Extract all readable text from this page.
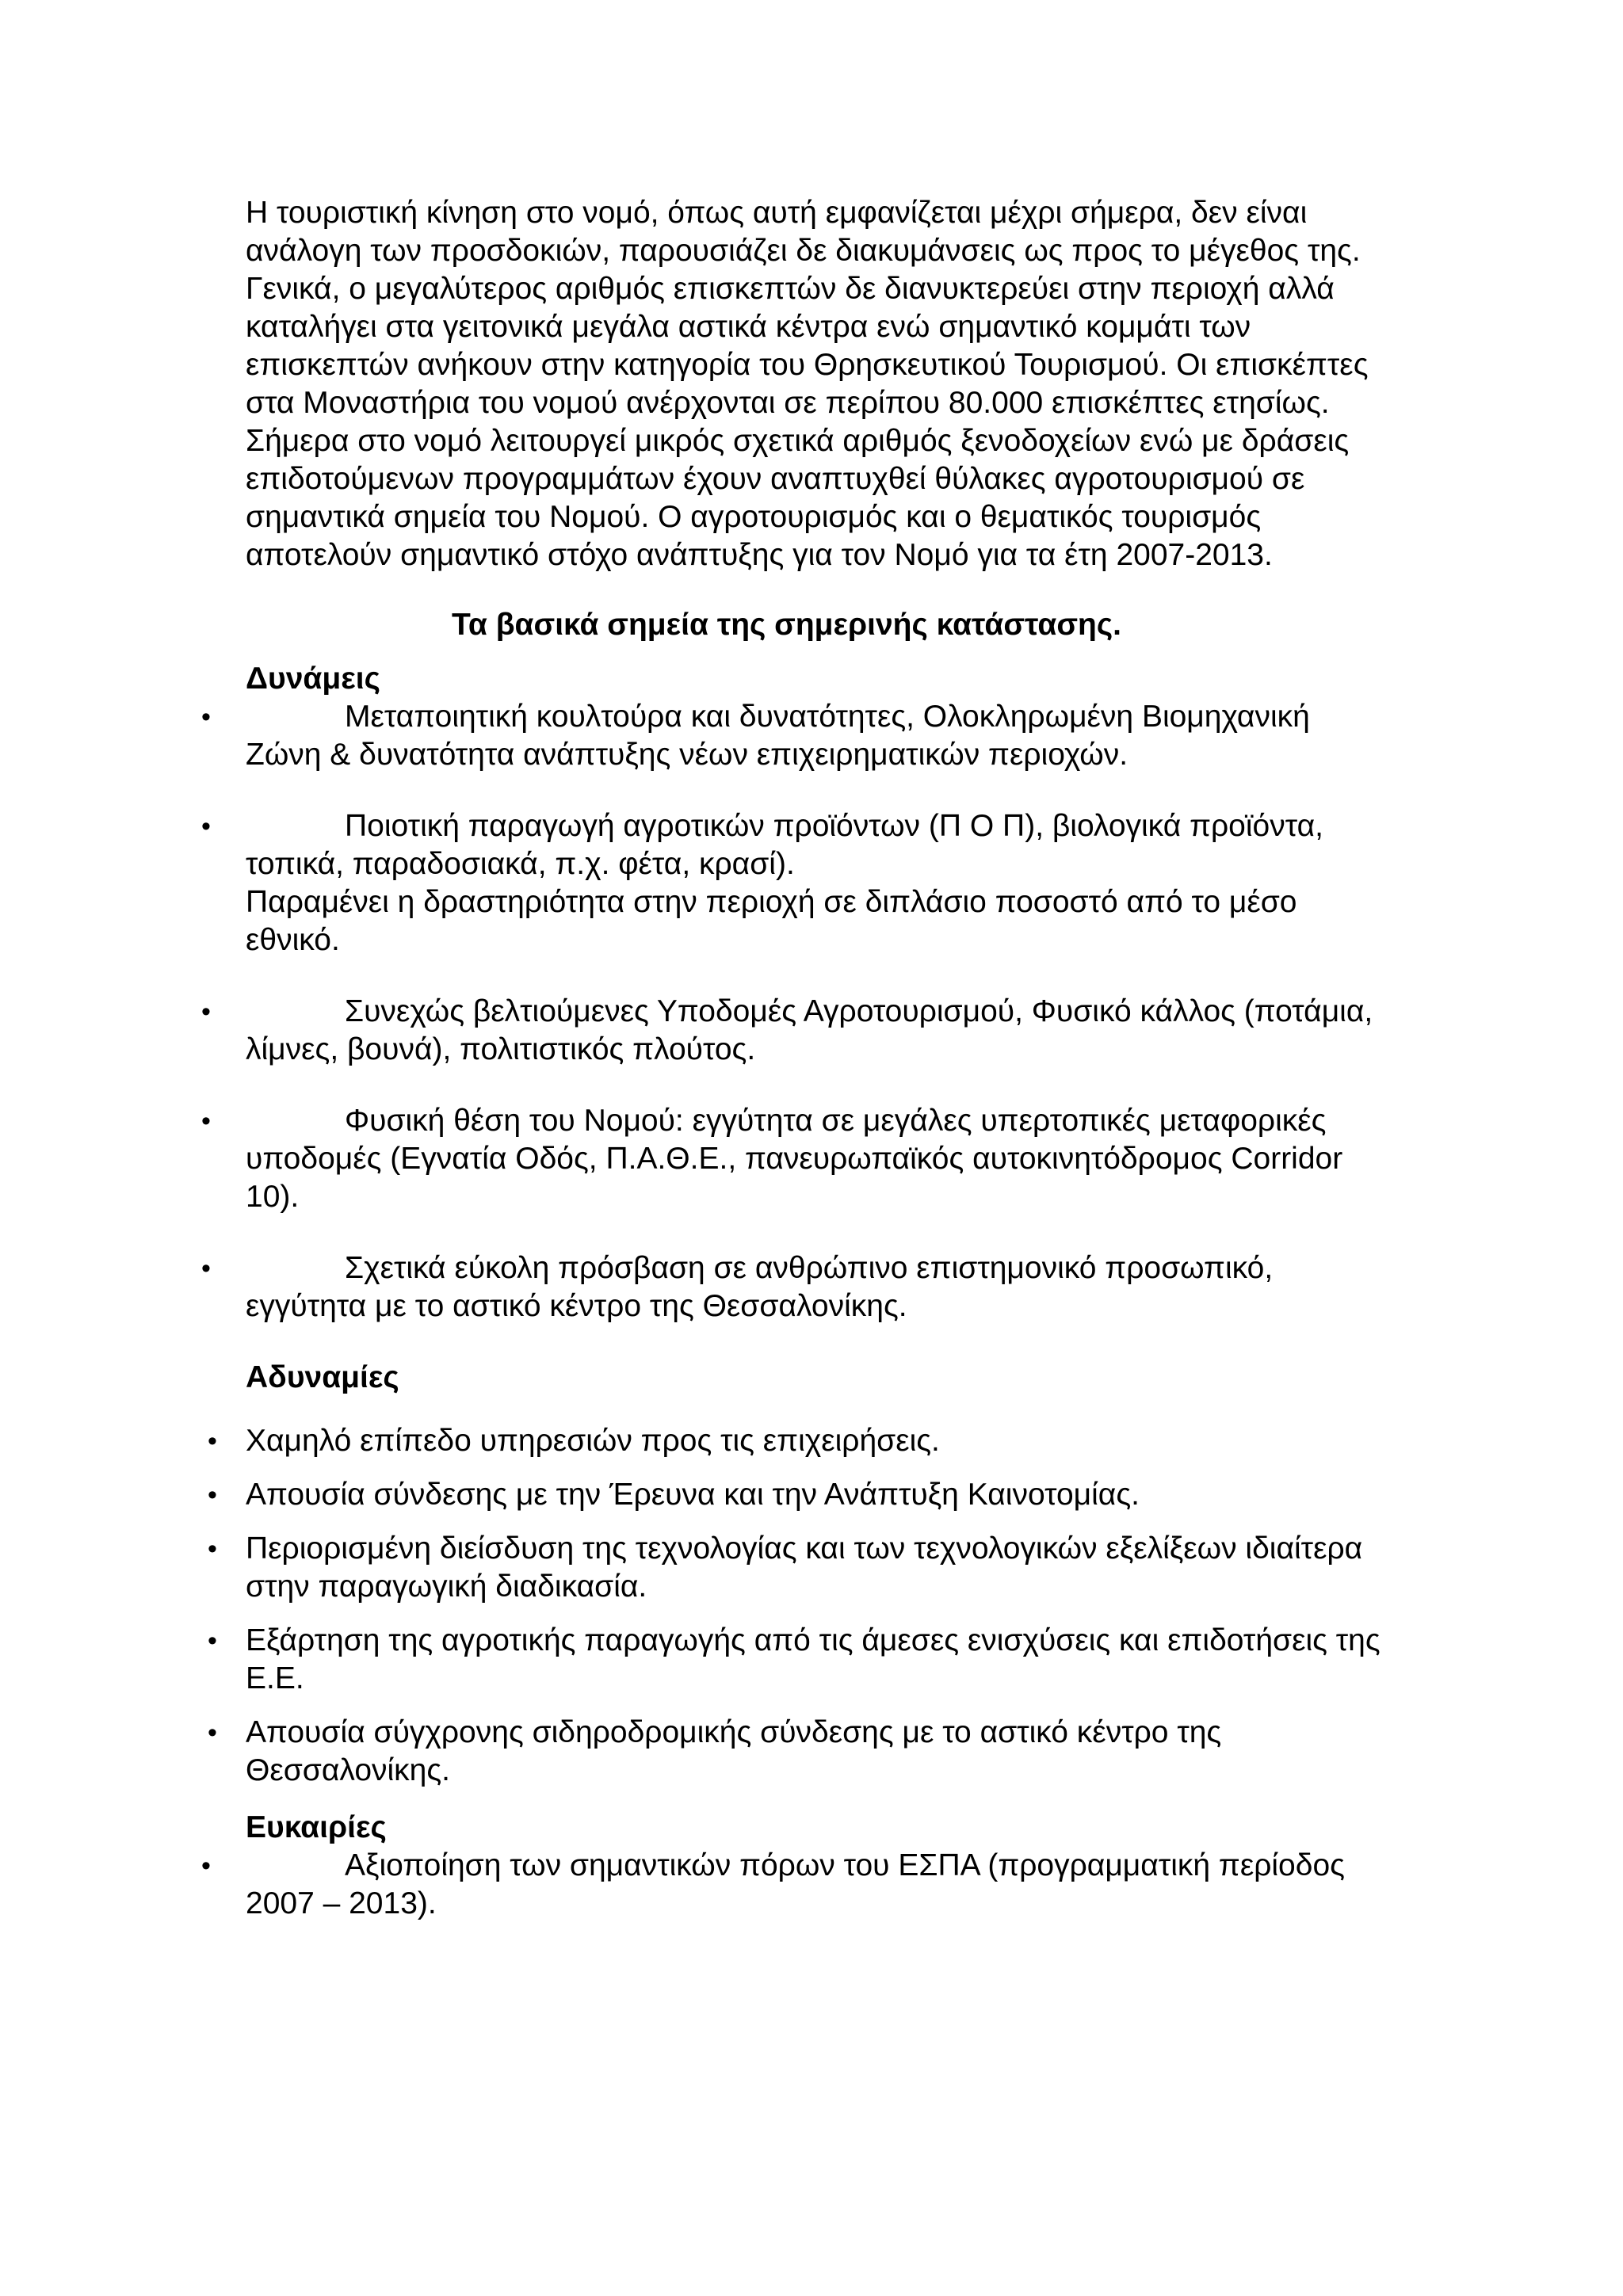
Η τουριστική κίνηση στο νομό, όπως αυτή εμφανίζεται μέχρι σήμερα, δεν είναι ανάλογη των προσδοκιών, παρουσιάζει δε διακυμάνσεις ως προς το μέγεθος της. Γενικά, ο μεγαλύτερος αριθμός επισκεπτών δε διανυκτερεύει στην περιοχή αλλά καταλήγει στα γειτονικά μεγάλα αστικά κέντρα ενώ σημαντικό κομμάτι των επισκεπτών ανήκουν στην κατηγορία του Θρησκευτικού Τουρισμού. Οι επισκέπτες στα Μοναστήρια του νομού ανέρχονται σε περίπου 80.000 επισκέπτες ετησίως.

Σήμερα στο νομό λειτουργεί μικρός σχετικά αριθμός ξενοδοχείων ενώ με δράσεις επιδοτούμενων προγραμμάτων έχουν αναπτυχθεί θύλακες αγροτουρισμού σε σημαντικά σημεία του Νομού. Ο αγροτουρισμός και ο θεματικός τουρισμός αποτελούν σημαντικό στόχο ανάπτυξης για τον Νομό για τα έτη 2007-2013.

Τα βασικά σημεία της σημερινής κατάστασης.

Δυνάμεις

•	Μεταποιητική κουλτούρα και δυνατότητες, Ολοκληρωμένη Βιομηχανική Ζώνη & δυνατότητα ανάπτυξης νέων επιχειρηματικών περιοχών.
•	Ποιοτική παραγωγή αγροτικών προϊόντων (Π Ο Π), βιολογικά προϊόντα, τοπικά, παραδοσιακά, π.χ. φέτα, κρασί).
Παραμένει η δραστηριότητα στην περιοχή σε διπλάσιο ποσοστό από το μέσο εθνικό.
•	Συνεχώς βελτιούμενες Υποδομές Αγροτουρισμού, Φυσικό κάλλος (ποτάμια, λίμνες, βουνά), πολιτιστικός πλούτος.
•	Φυσική θέση του Νομού: εγγύτητα σε μεγάλες υπερτοπικές μεταφορικές υποδομές (Εγνατία Οδός, Π.Α.Θ.Ε., πανευρωπαϊκός αυτοκινητόδρομος Corridor 10).
•	Σχετικά εύκολη πρόσβαση σε ανθρώπινο επιστημονικό προσωπικό, εγγύτητα με το αστικό κέντρο της Θεσσαλονίκης.

Αδυναμίες

• Χαμηλό επίπεδο υπηρεσιών προς τις επιχειρήσεις.
• Απουσία σύνδεσης με την Έρευνα και την Ανάπτυξη Καινοτομίας.
• Περιορισμένη διείσδυση της τεχνολογίας και των τεχνολογικών εξελίξεων ιδιαίτερα στην παραγωγική διαδικασία.
• Εξάρτηση της αγροτικής παραγωγής από τις άμεσες ενισχύσεις και επιδοτήσεις της Ε.Ε.
• Απουσία σύγχρονης σιδηροδρομικής σύνδεσης με το αστικό κέντρο της Θεσσαλονίκης.

Ευκαιρίες

•	Αξιοποίηση των σημαντικών πόρων του ΕΣΠΑ (προγραμματική περίοδος 2007 – 2013).
